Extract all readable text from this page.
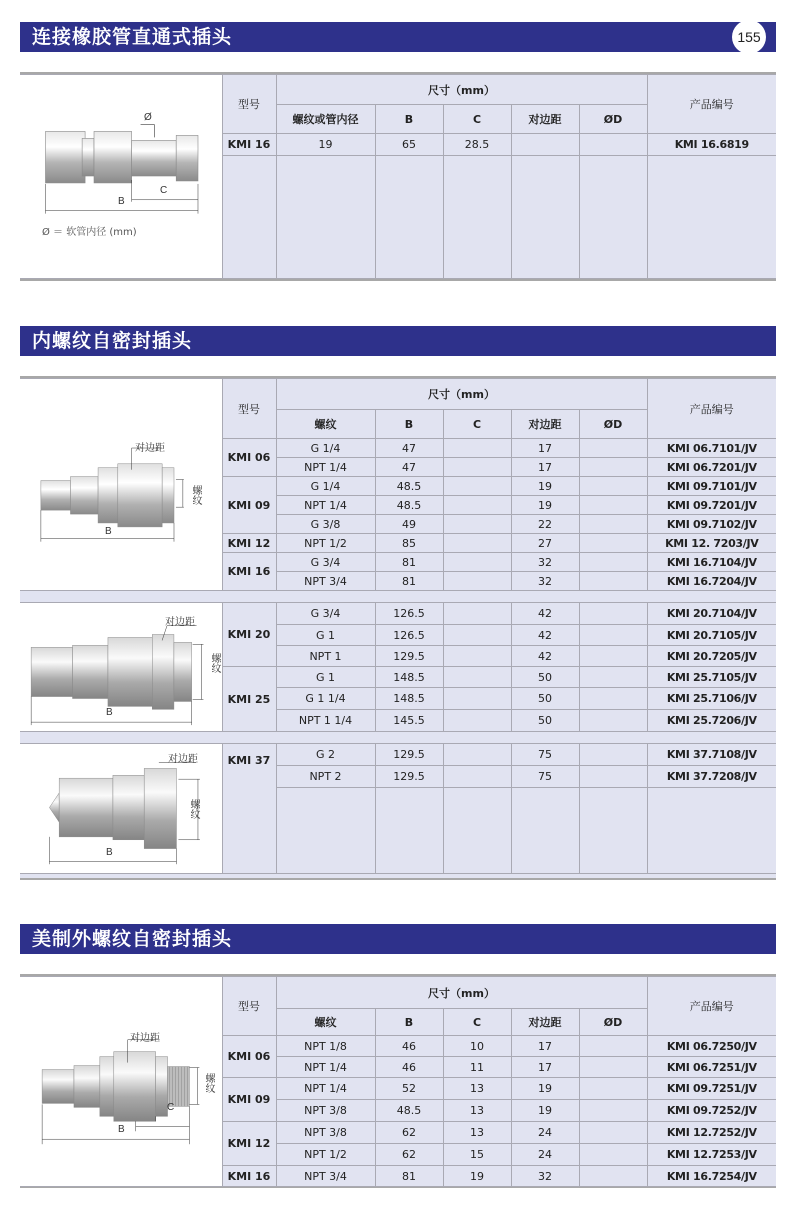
连接橡胶管直通式插头	155
Ø
C
B
Ø ＝ 软管内径 (mm)	型号	尺寸（mm）					产品编号
		螺纹或管内径	B	C	对边距	ØD	
	KMI 16	19	65	28.5			KMI 16.6819

内螺纹自密封插头
对边距
螺纹
B	型号	尺寸（mm）					产品编号
		螺纹	B	C	对边距	ØD	
	KMI 06	G 1/4	47		17		KMI 06.7101/JV
		NPT 1/4	47		17		KMI 06.7201/JV
	KMI 09	G 1/4	48.5		19		KMI 09.7101/JV
		NPT 1/4	48.5		19		KMI 09.7201/JV
		G 3/8	49		22		KMI 09.7102/JV
	KMI 12	NPT 1/2	85		27		KMI 12. 7203/JV
	KMI 16	G 3/4	81		32		KMI 16.7104/JV
		NPT 3/4	81		32		KMI 16.7204/JV

对边距
螺纹
B	KMI 20	G 3/4	126.5		42		KMI 20.7104/JV
		G 1	126.5		42		KMI 20.7105/JV
		NPT 1	129.5		42		KMI 20.7205/JV
	KMI 25	G 1	148.5		50		KMI 25.7105/JV
		G 1 1/4	148.5		50		KMI 25.7106/JV
		NPT 1 1/4	145.5		50		KMI 25.7206/JV

对边距
螺纹
B	KMI 37	G 2	129.5		75		KMI 37.7108/JV
		NPT 2	129.5		75		KMI 37.7208/JV

美制外螺纹自密封插头
对边距
螺纹
C
B	型号	尺寸（mm）					产品编号
		螺纹	B	C	对边距	ØD	
	KMI 06	NPT 1/8	46	10	17		KMI 06.7250/JV
		NPT 1/4	46	11	17		KMI 06.7251/JV
	KMI 09	NPT 1/4	52	13	19		KMI 09.7251/JV
		NPT 3/8	48.5	13	19		KMI 09.7252/JV
	KMI 12	NPT 3/8	62	13	24		KMI 12.7252/JV
		NPT 1/2	62	15	24		KMI 12.7253/JV
	KMI 16	NPT 3/4	81	19	32		KMI 16.7254/JV
